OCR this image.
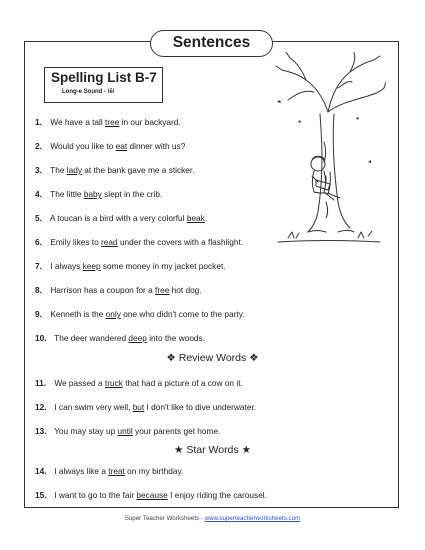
Sentences
Spelling List B-7
Long-e Sound - /ē/
1. We have a tall tree in our backyard.
2. Would you like to eat dinner with us?
3. The lady at the bank gave me a sticker.
4. The little baby slept in the crib.
5. A toucan is a bird with a very colorful beak.
6. Emily likes to read under the covers with a flashlight.
7. I always keep some money in my jacket pocket.
8. Harrison has a coupon for a free hot dog.
9. Kenneth is the only one who didn't come to the party.
10. The deer wandered deep into the woods.
❖ Review Words ❖
11. We passed a truck that had a picture of a cow on it.
12. I can swim very well, but I don't like to dive underwater.
13. You may stay up until your parents get home.
★ Star Words ★
14. I always like a treat on my birthday.
15. I want to go to the fair because I enjoy riding the carousel.
Super Teacher Worksheets - www.superteacherworksheets.com
